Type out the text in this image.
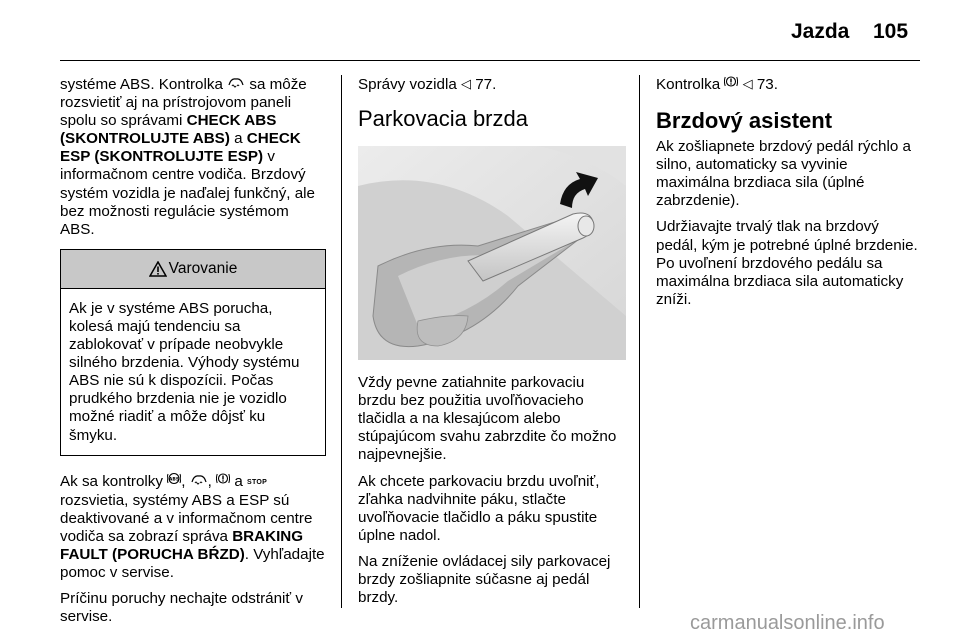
Jazda 105

systéme ABS. Kontrolka  sa môže rozsvietiť aj na prístrojovom paneli spolu so správami CHECK ABS (SKONTROLUJTE ABS) a CHECK ESP (SKONTROLUJTE ESP) v informačnom centre vodiča. Brzdový systém vozidla je naďalej funkčný, ale bez možnosti regulácie systémom ABS.

Varovanie
Ak je v systéme ABS porucha, kolesá majú tendenciu sa zablokovať v prípade neobvykle silného brzdenia. Výhody systému ABS nie sú k dispozícii. Počas prudkého brzdenia nie je vozidlo možné riadiť a môže dôjsť ku šmyku.

Ak sa kontrolky ABS , ,  a STOP rozsvietia, systémy ABS a ESP sú deaktivované a v informačnom centre vodiča sa zobrazí správa BRAKING FAULT (PORUCHA BŔZD). Vyhľadajte pomoc v servise.

Príčinu poruchy nechajte odstrániť v servise.

Správy vozidla ◁ 77.

Parkovacia brzda

Vždy pevne zatiahnite parkovaciu brzdu bez použitia uvoľňovacieho tlačidla a na klesajúcom alebo stúpajúcom svahu zabrzdite čo možno najpevnejšie.

Ak chcete parkovaciu brzdu uvoľniť, zľahka nadvihnite páku, stlačte uvoľňovacie tlačidlo a páku spustite úplne nadol.

Na zníženie ovládacej sily parkovacej brzdy zošliapnite súčasne aj pedál brzdy.

Kontrolka  ◁ 73.

Brzdový asistent

Ak zošliapnete brzdový pedál rýchlo a silno, automaticky sa vyvinie maximálna brzdiaca sila (úplné zabrzdenie).

Udržiavajte trvalý tlak na brzdový pedál, kým je potrebné úplné brzdenie. Po uvoľnení brzdového pedálu sa maximálna brzdiaca sila automaticky zníži.

carmanualsonline.info
